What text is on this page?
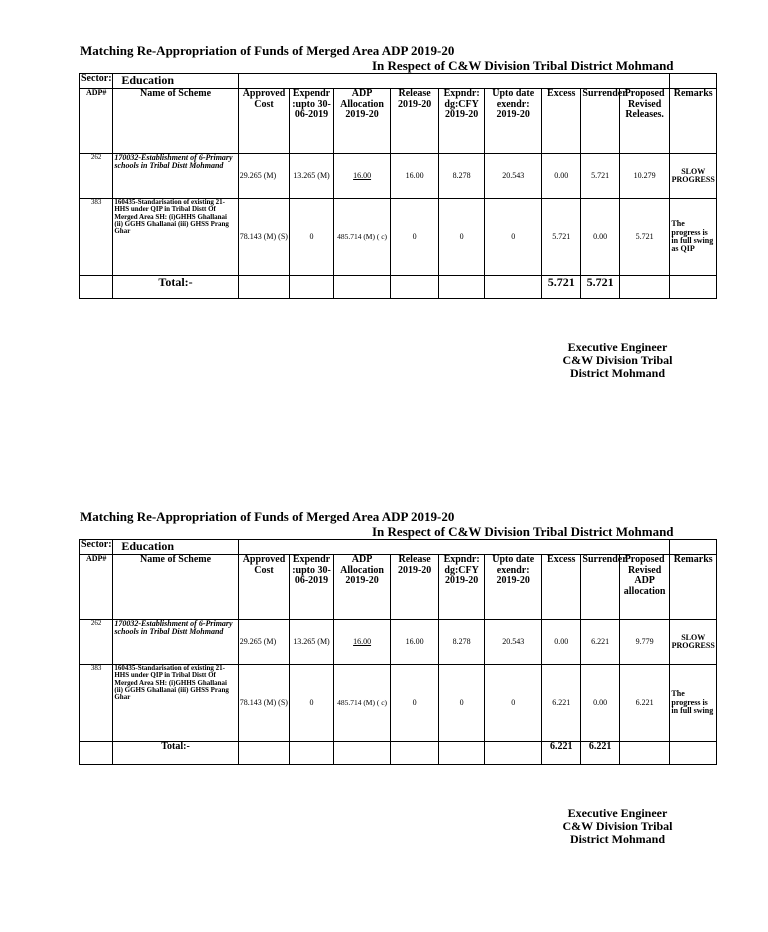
Matching Re-Appropriation of Funds of Merged Area ADP 2019-20
In Respect of C&W Division Tribal District Mohmand
Sector:	Education										
ADP#	Name of Scheme	Approved Cost	Expendr :upto 30-06-2019	ADP Allocation 2019-20	Release 2019-20	Expndr: dg:CFY 2019-20	Upto date exendr: 2019-20	Excess	Surrender	Proposed Revised Releases.	Remarks
262	170032-Establishment of 6-Primary schools in Tribal Distt Mohmand	29.265 (M)	13.265 (M)	16.00	16.00	8.278	20.543	0.00	5.721	10.279	SLOW PROGRESS
383	160435-Standarisation of existing 21-HHS under QIP in Tribal Distt Of Merged Area SH: (i)GHHS Ghallanai (ii) GGHS Ghallanai (iii) GHSS Prang Ghar	78.143 (M) (S)	0	485.714 (M) ( c)	0	0	0	5.721	0.00	5.721	The progress is in full swing as QIP
	Total:-							5.721	5.721		
Executive Engineer
C&W Division Tribal
District Mohmand
Matching Re-Appropriation of Funds of Merged Area ADP 2019-20
In Respect of C&W Division Tribal District Mohmand
Sector:	Education										
ADP#	Name of Scheme	Approved Cost	Expendr :upto 30-06-2019	ADP Allocation 2019-20	Release 2019-20	Expndr: dg:CFY 2019-20	Upto date exendr: 2019-20	Excess	Surrender	Proposed Revised ADP allocation	Remarks
262	170032-Establishment of 6-Primary schools in Tribal Distt Mohmand	29.265 (M)	13.265 (M)	16.00	16.00	8.278	20.543	0.00	6.221	9.779	SLOW PROGRESS
383	160435-Standarisation of existing 21-HHS under QIP in Tribal Distt Of Merged Area SH: (i)GHHS Ghallanai (ii) GGHS Ghallanai (iii) GHSS Prang Ghar	78.143 (M) (S)	0	485.714 (M) ( c)	0	0	0	6.221	0.00	6.221	The progress is in full swing
	Total:-							6.221	6.221		
Executive Engineer
C&W Division Tribal
District Mohmand
